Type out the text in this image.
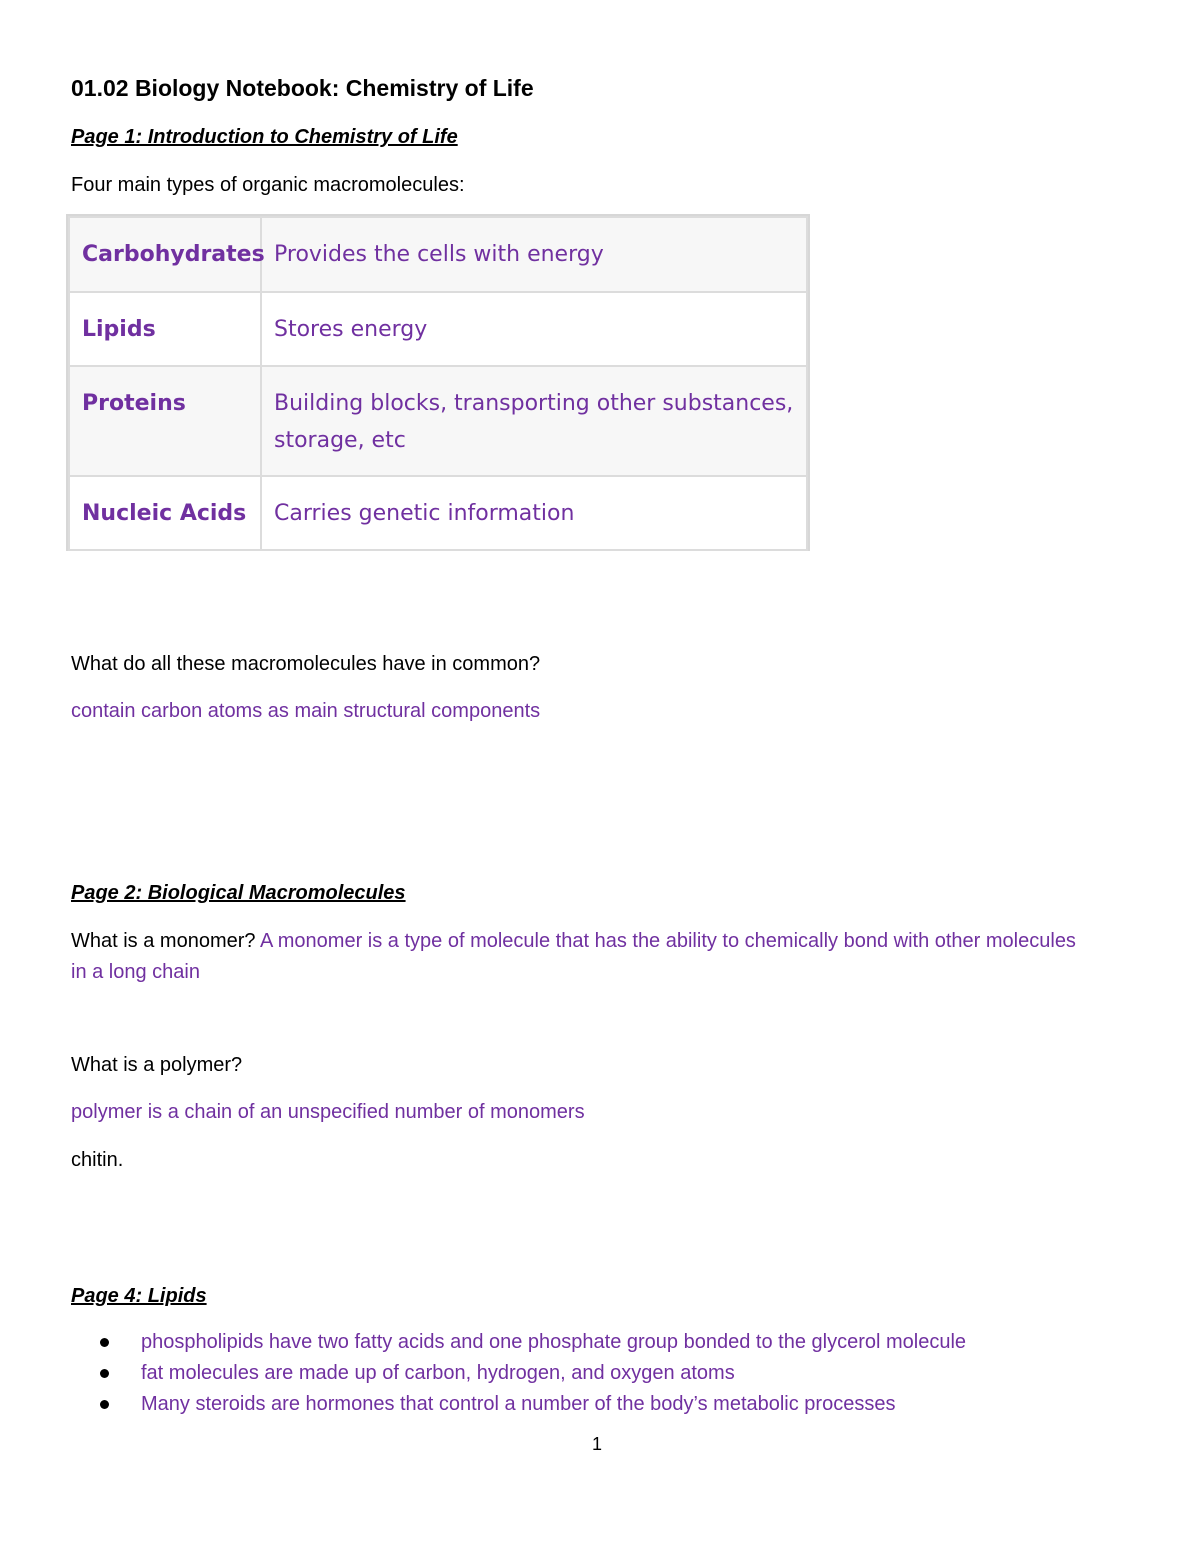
01.02 Biology Notebook: Chemistry of Life
Page 1: Introduction to Chemistry of Life
Four main types of organic macromolecules:
Carbohydrates	Provides the cells with energy
Lipids	Stores energy
Proteins	Building blocks, transporting other substances, storage, etc
Nucleic Acids	Carries genetic information
What do all these macromolecules have in common?
contain carbon atoms as main structural components
Page 2: Biological Macromolecules
What is a monomer? A monomer is a type of molecule that has the ability to chemically bond with other molecules in a long chain
What is a polymer?
polymer is a chain of an unspecified number of monomers
chitin.
Page 4: Lipids
phospholipids have two fatty acids and one phosphate group bonded to the glycerol molecule
fat molecules are made up of carbon, hydrogen, and oxygen atoms
Many steroids are hormones that control a number of the body’s metabolic processes
1
